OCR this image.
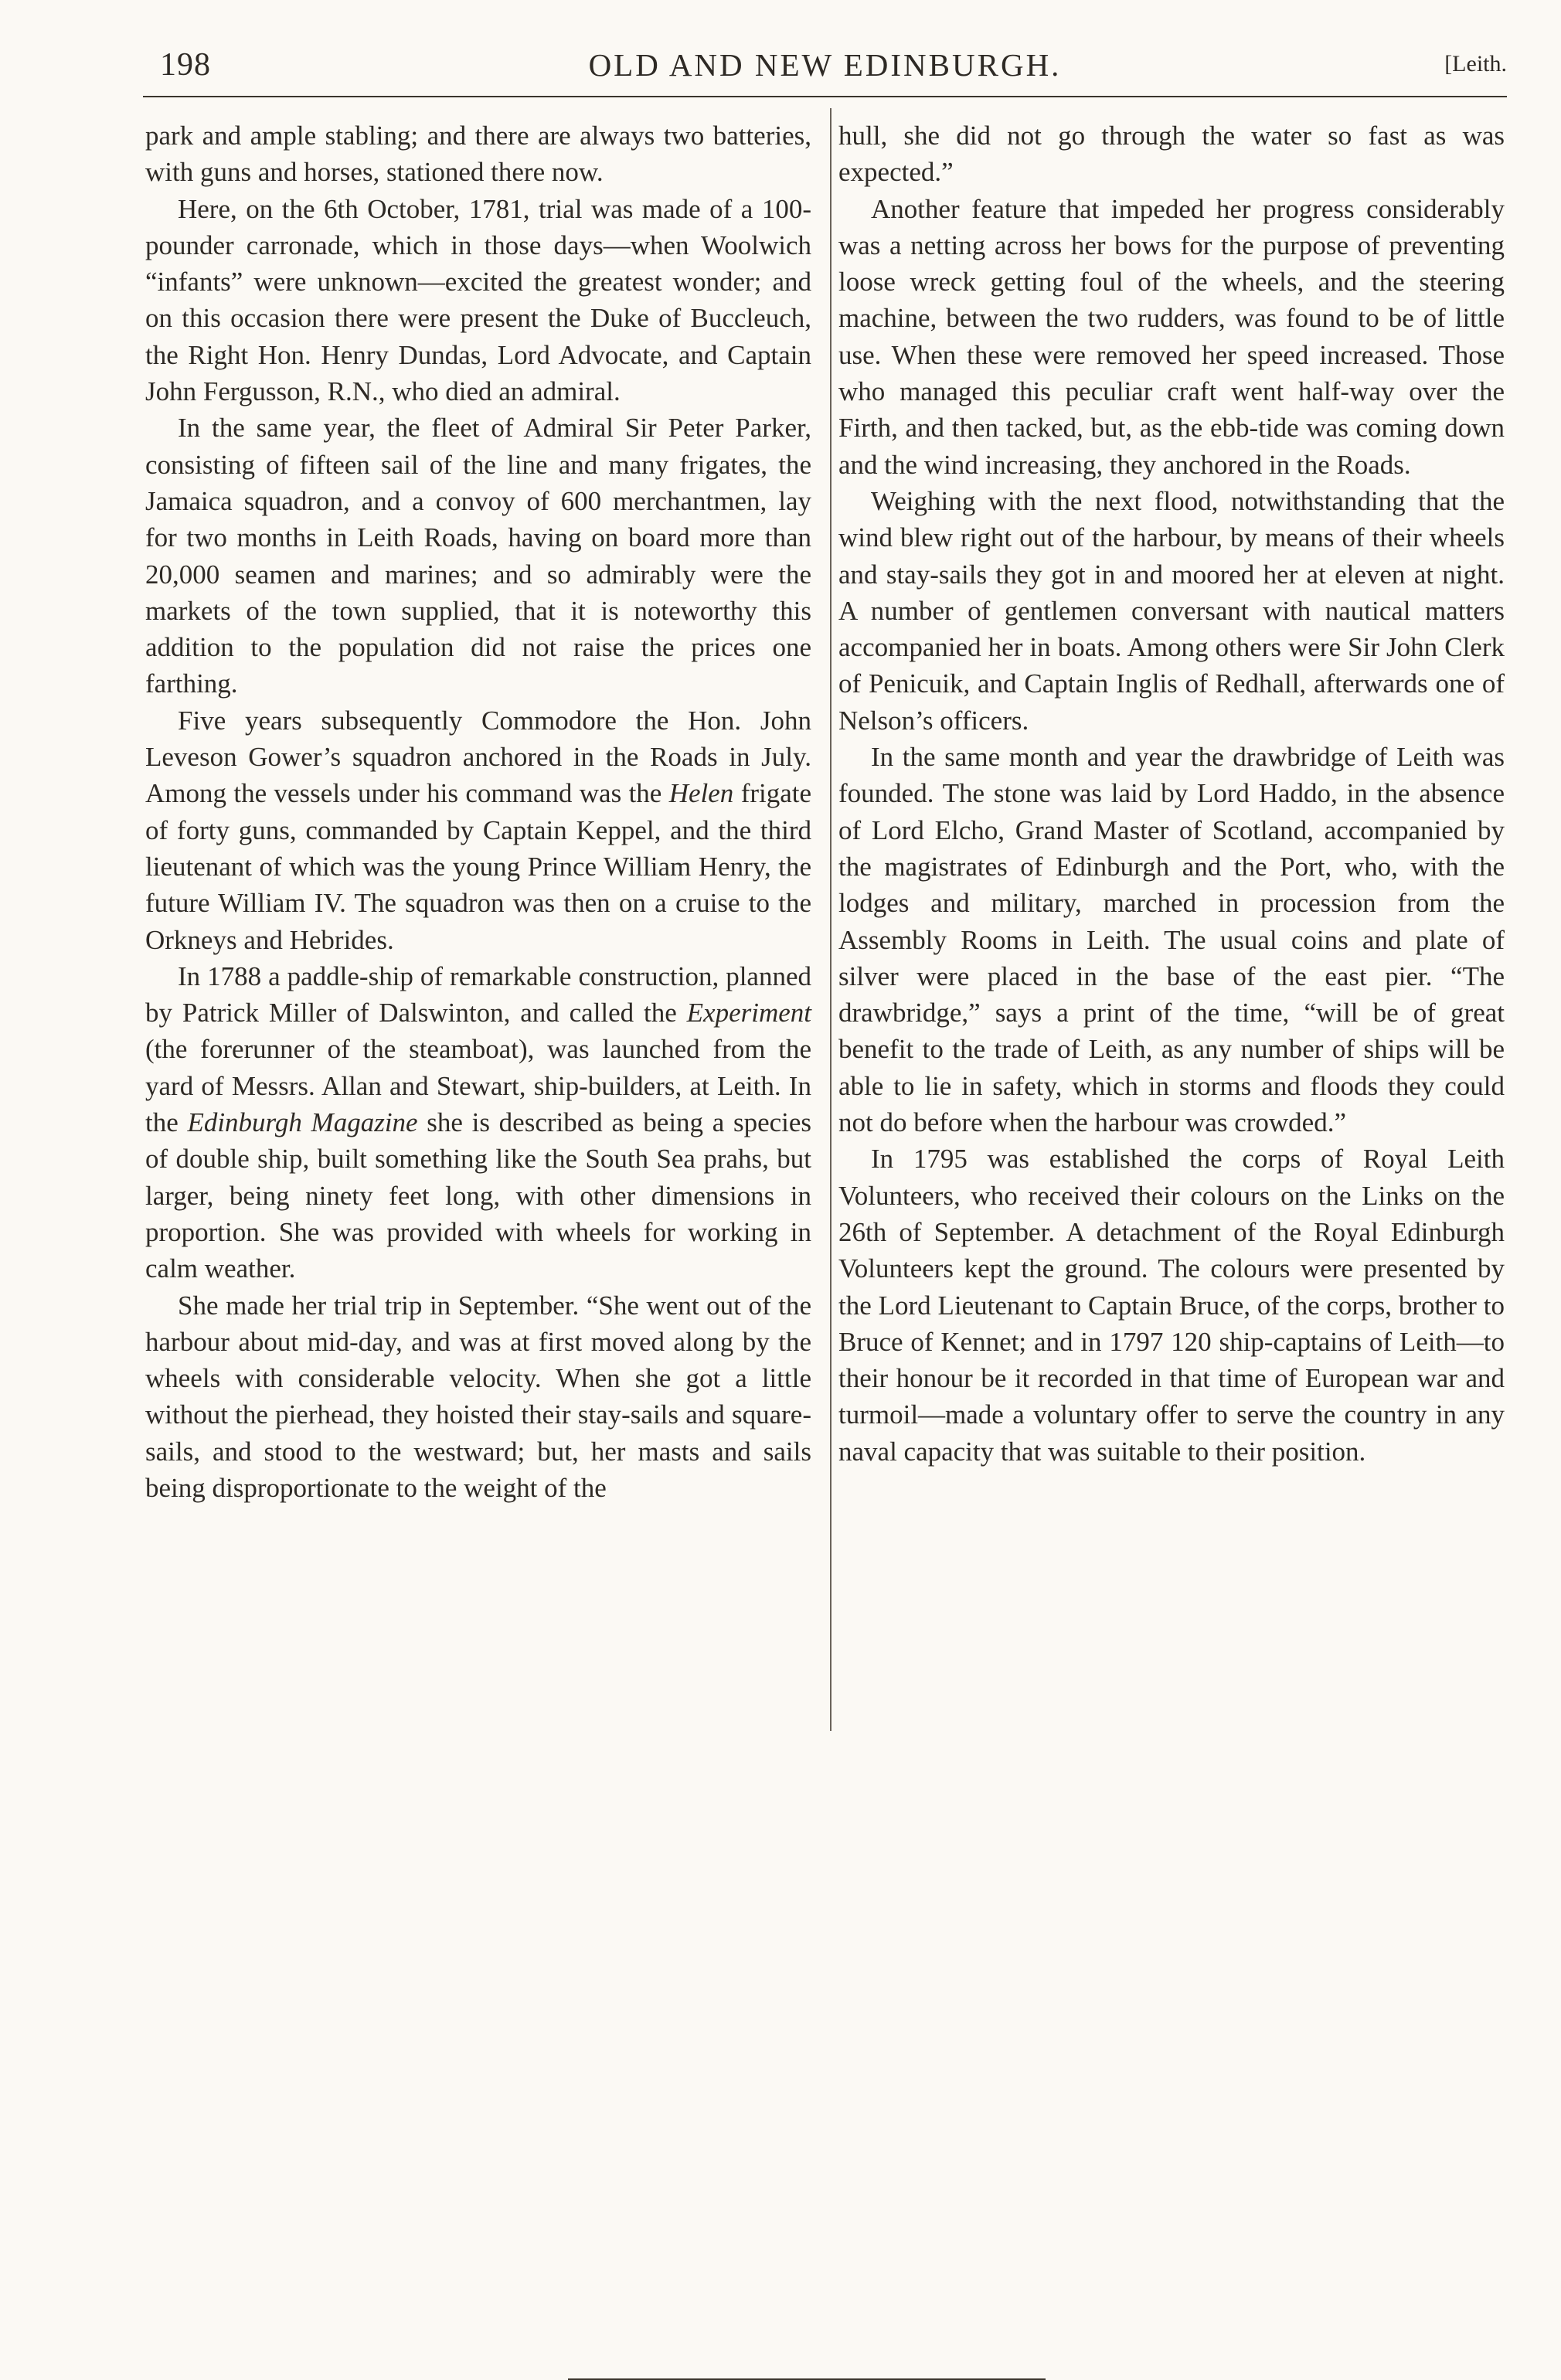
198	OLD AND NEW EDINBURGH.	[Leith.

park and ample stabling; and there are always two batteries, with guns and horses, stationed there now.

Here, on the 6th October, 1781, trial was made of a 100-pounder carronade, which in those days—when Woolwich “infants” were unknown—excited the greatest wonder; and on this occasion there were present the Duke of Buccleuch, the Right Hon. Henry Dundas, Lord Advocate, and Captain John Fergusson, R.N., who died an admiral.

In the same year, the fleet of Admiral Sir Peter Parker, consisting of fifteen sail of the line and many frigates, the Jamaica squadron, and a convoy of 600 merchantmen, lay for two months in Leith Roads, having on board more than 20,000 seamen and marines; and so admirably were the markets of the town supplied, that it is noteworthy this addition to the population did not raise the prices one farthing.

Five years subsequently Commodore the Hon. John Leveson Gower’s squadron anchored in the Roads in July. Among the vessels under his command was the Helen frigate of forty guns, commanded by Captain Keppel, and the third lieutenant of which was the young Prince William Henry, the future William IV. The squadron was then on a cruise to the Orkneys and Hebrides.

In 1788 a paddle-ship of remarkable construction, planned by Patrick Miller of Dalswinton, and called the Experiment (the forerunner of the steamboat), was launched from the yard of Messrs. Allan and Stewart, ship-builders, at Leith. In the Edinburgh Magazine she is described as being a species of double ship, built something like the South Sea prahs, but larger, being ninety feet long, with other dimensions in proportion. She was provided with wheels for working in calm weather.

She made her trial trip in September. “She went out of the harbour about mid-day, and was at first moved along by the wheels with considerable velocity. When she got a little without the pierhead, they hoisted their stay-sails and square-sails, and stood to the westward; but, her masts and sails being disproportionate to the weight of the

hull, she did not go through the water so fast as was expected.”

Another feature that impeded her progress considerably was a netting across her bows for the purpose of preventing loose wreck getting foul of the wheels, and the steering machine, between the two rudders, was found to be of little use. When these were removed her speed increased. Those who managed this peculiar craft went half-way over the Firth, and then tacked, but, as the ebb-tide was coming down and the wind increasing, they anchored in the Roads.

Weighing with the next flood, notwithstanding that the wind blew right out of the harbour, by means of their wheels and stay-sails they got in and moored her at eleven at night. A number of gentlemen conversant with nautical matters accompanied her in boats. Among others were Sir John Clerk of Penicuik, and Captain Inglis of Redhall, afterwards one of Nelson’s officers.

In the same month and year the drawbridge of Leith was founded. The stone was laid by Lord Haddo, in the absence of Lord Elcho, Grand Master of Scotland, accompanied by the magistrates of Edinburgh and the Port, who, with the lodges and military, marched in procession from the Assembly Rooms in Leith. The usual coins and plate of silver were placed in the base of the east pier. “The drawbridge,” says a print of the time, “will be of great benefit to the trade of Leith, as any number of ships will be able to lie in safety, which in storms and floods they could not do before when the harbour was crowded.”

In 1795 was established the corps of Royal Leith Volunteers, who received their colours on the Links on the 26th of September. A detachment of the Royal Edinburgh Volunteers kept the ground. The colours were presented by the Lord Lieutenant to Captain Bruce, of the corps, brother to Bruce of Kennet; and in 1797 120 ship-captains of Leith—to their honour be it recorded in that time of European war and turmoil—made a voluntary offer to serve the country in any naval capacity that was suitable to their position.
